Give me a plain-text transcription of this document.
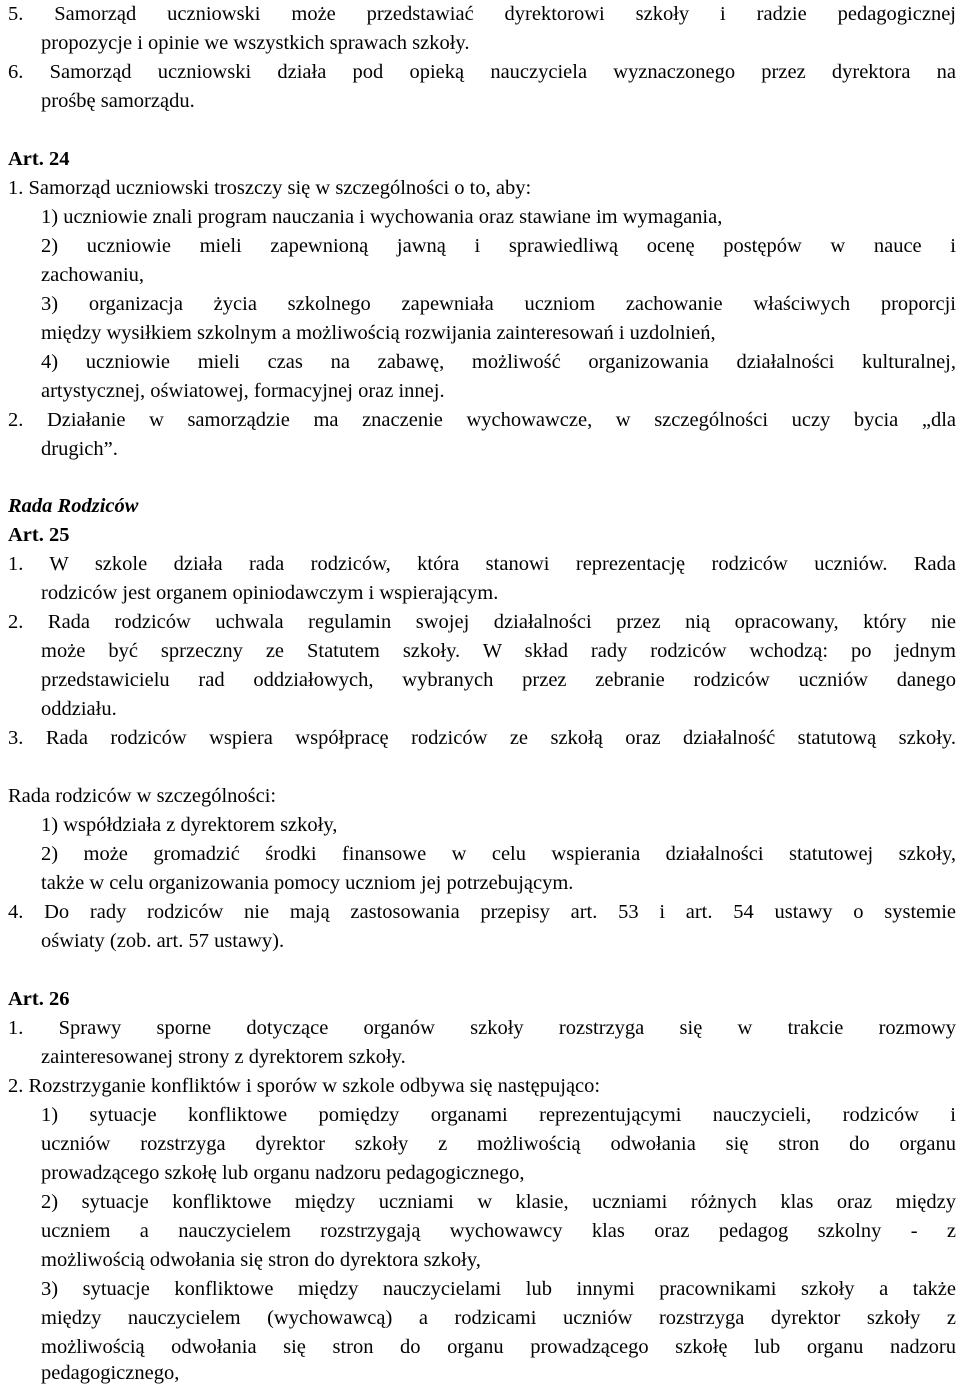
5. Samorząd uczniowski może przedstawiać dyrektorowi szkoły i radzie pedagogicznej
propozycje i opinie we wszystkich sprawach szkoły.
6. Samorząd uczniowski działa pod opieką nauczyciela wyznaczonego przez dyrektora na
prośbę samorządu.
Art. 24
1. Samorząd uczniowski troszczy się w szczególności o to, aby:
1) uczniowie znali program nauczania i wychowania oraz stawiane im wymagania,
2) uczniowie mieli zapewnioną jawną i sprawiedliwą ocenę postępów w nauce i
zachowaniu,
3) organizacja życia szkolnego zapewniała uczniom zachowanie właściwych proporcji
między wysiłkiem szkolnym a możliwością rozwijania zainteresowań i uzdolnień,
4) uczniowie mieli czas na zabawę, możliwość organizowania działalności kulturalnej,
artystycznej, oświatowej, formacyjnej oraz innej.
2. Działanie w samorządzie ma znaczenie wychowawcze, w szczególności uczy bycia „dla
drugich”.
Rada Rodziców
Art. 25
1. W szkole działa rada rodziców, która stanowi reprezentację rodziców uczniów. Rada
rodziców jest organem opiniodawczym i wspierającym.
2. Rada rodziców uchwala regulamin swojej działalności przez nią opracowany, który nie
może być sprzeczny ze Statutem szkoły. W skład rady rodziców wchodzą: po jednym
przedstawicielu rad oddziałowych, wybranych przez zebranie rodziców uczniów danego
oddziału.
3. Rada rodziców wspiera współpracę rodziców ze szkołą oraz działalność statutową szkoły.
Rada rodziców w szczególności:
1) współdziała z dyrektorem szkoły,
2) może gromadzić środki finansowe w celu wspierania działalności statutowej szkoły,
także w celu organizowania pomocy uczniom jej potrzebującym.
4. Do rady rodziców nie mają zastosowania przepisy art. 53 i art. 54 ustawy o systemie
oświaty (zob. art. 57 ustawy).
Art. 26
1. Sprawy sporne dotyczące organów szkoły rozstrzyga się w trakcie rozmowy
zainteresowanej strony z dyrektorem szkoły.
2. Rozstrzyganie konfliktów i sporów w szkole odbywa się następująco:
1) sytuacje konfliktowe pomiędzy organami reprezentującymi nauczycieli, rodziców i
uczniów rozstrzyga dyrektor szkoły z możliwością odwołania się stron do organu
prowadzącego szkołę lub organu nadzoru pedagogicznego,
2) sytuacje konfliktowe między uczniami w klasie, uczniami różnych klas oraz między
uczniem a nauczycielem rozstrzygają wychowawcy klas oraz pedagog szkolny - z
możliwością odwołania się stron do dyrektora szkoły,
3) sytuacje konfliktowe między nauczycielami lub innymi pracownikami szkoły a także
między nauczycielem (wychowawcą) a rodzicami uczniów rozstrzyga dyrektor szkoły z
możliwością odwołania się stron do organu prowadzącego szkołę lub organu nadzoru
pedagogicznego,
